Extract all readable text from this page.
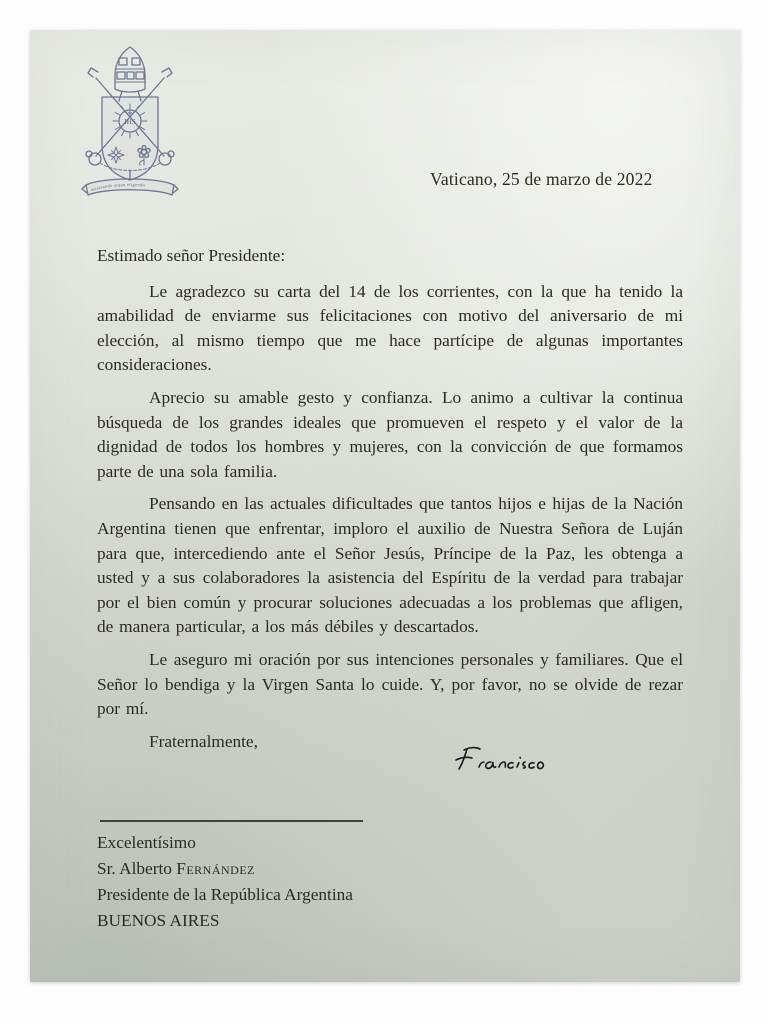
IHS
miserando atque eligendo	Vaticano, 25 de marzo de 2022
Estimado señor Presidente:

Le agradezco su carta del 14 de los corrientes, con la que ha tenido la amabilidad de enviarme sus felicitaciones con motivo del aniversario de mi elección, al mismo tiempo que me hace partícipe de algunas importantes consideraciones.

Aprecio su amable gesto y confianza. Lo animo a cultivar la continua búsqueda de los grandes ideales que promueven el respeto y el valor de la dignidad de todos los hombres y mujeres, con la convicción de que formamos parte de una sola familia.

Pensando en las actuales dificultades que tantos hijos e hijas de la Nación Argentina tienen que enfrentar, imploro el auxilio de Nuestra Señora de Luján para que, intercediendo ante el Señor Jesús, Príncipe de la Paz, les obtenga a usted y a sus colaboradores la asistencia del Espíritu de la verdad para trabajar por el bien común y procurar soluciones adecuadas a los problemas que afligen, de manera particular, a los más débiles y descartados.

Le aseguro mi oración por sus intenciones personales y familiares. Que el Señor lo bendiga y la Virgen Santa lo cuide. Y, por favor, no se olvide de rezar por mí.

Fraternalmente,
Excelentísimo
Sr. Alberto Fernández
Presidente de la República Argentina
BUENOS AIRES
